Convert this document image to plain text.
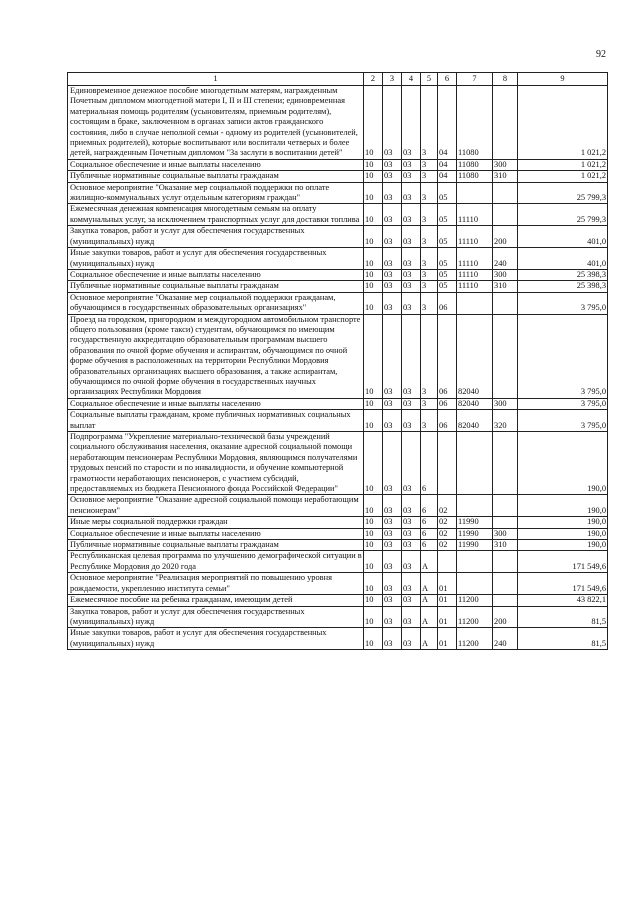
92
1	2	3	4	5	6	7	8	9
Единовременное денежное пособие многодетным матерям, награжденным Почетным дипломом многодетной матери I, II и III степени; единовременная материальная помощь родителям (усыновителям, приемным родителям), состоящим в браке, заключенном в органах записи актов гражданского состояния, либо в случае неполной семьи - одному из родителей (усыновителей, приемных родителей), которые воспитывают или воспитали четверых и более детей, награжденным Почетным дипломом "За заслуги в воспитании детей"	10	03	03	3	04	11080		1 021,2
Социальное обеспечение и иные выплаты населению	10	03	03	3	04	11080	300	1 021,2
Публичные нормативные социальные выплаты гражданам	10	03	03	3	04	11080	310	1 021,2
Основное мероприятие "Оказание мер социальной поддержки по оплате жилищно-коммунальных услуг отдельным категориям граждан"	10	03	03	3	05			25 799,3
Ежемесячная денежная компенсация многодетным семьям на оплату коммунальных услуг, за исключением транспортных услуг для доставки топлива	10	03	03	3	05	11110		25 799,3
Закупка товаров, работ и услуг для обеспечения государственных (муниципальных) нужд	10	03	03	3	05	11110	200	401,0
Иные закупки товаров, работ и услуг для обеспечения государственных (муниципальных) нужд	10	03	03	3	05	11110	240	401,0
Социальное обеспечение и иные выплаты населению	10	03	03	3	05	11110	300	25 398,3
Публичные нормативные социальные выплаты гражданам	10	03	03	3	05	11110	310	25 398,3
Основное мероприятие "Оказание мер социальной поддержки гражданам, обучающимся в государственных образовательных организациях"	10	03	03	3	06			3 795,0
Проезд на городском, пригородном и междугородном автомобильном транспорте общего пользования (кроме такси) студентам, обучающимся по имеющим государственную аккредитацию образовательным программам высшего образования по очной форме обучения и аспирантам, обучающимся по очной форме обучения в расположенных на территории Республики Мордовия образовательных организациях высшего образования, а также аспирантам, обучающимся по очной форме обучения в государственных научных организациях Республики Мордовия	10	03	03	3	06	82040		3 795,0
Социальное обеспечение и иные выплаты населению	10	03	03	3	06	82040	300	3 795,0
Социальные выплаты гражданам, кроме публичных нормативных социальных выплат	10	03	03	3	06	82040	320	3 795,0
Подпрограмма "Укрепление материально-технической базы учреждений социального обслуживания населения, оказание адресной социальной помощи неработающим пенсионерам Республики Мордовия, являющимся получателями трудовых пенсий по старости и по инвалидности, и обучение компьютерной грамотности неработающих пенсионеров, с участием субсидий, предоставляемых из бюджета Пенсионного фонда Российской Федерации"	10	03	03	6				190,0
Основное мероприятие "Оказание адресной социальной помощи неработающим пенсионерам"	10	03	03	6	02			190,0
Иные меры социальной поддержки граждан	10	03	03	6	02	11990		190,0
Социальное обеспечение и иные выплаты населению	10	03	03	6	02	11990	300	190,0
Публичные нормативные социальные выплаты гражданам	10	03	03	6	02	11990	310	190,0
Республиканская целевая программа по улучшению демографической ситуации в Республике Мордовия до 2020 года	10	03	03	А				171 549,6
Основное мероприятие "Реализация мероприятий по повышению уровня рождаемости, укреплению института семьи"	10	03	03	А	01			171 549,6
Ежемесячное пособие на ребенка гражданам, имеющим детей	10	03	03	А	01	11200		43 822,1
Закупка товаров, работ и услуг для обеспечения государственных (муниципальных) нужд	10	03	03	А	01	11200	200	81,5
Иные закупки товаров, работ и услуг для обеспечения государственных (муниципальных) нужд	10	03	03	А	01	11200	240	81,5
